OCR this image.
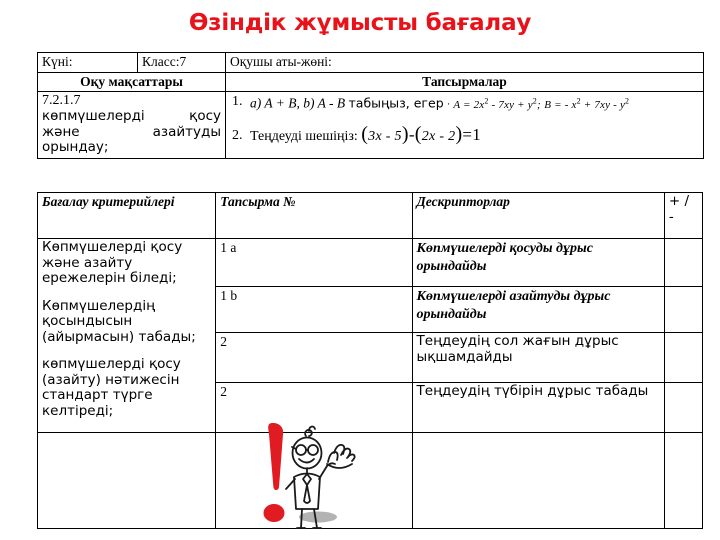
Өзіндік жұмысты бағалау
Күні:	Класс:7	Оқушы аты-жөні:
Оқу мақсаттары		Тапсырмалар

7.2.1.7
көпмүшелерді қосу және азайтуды орындау;		1. a) A + B, b) A - B табыңыз, егер · $A = 2x^2 - 7xy + y^2$; B = - $x^2 + 7xy - y^2$
2. Теңдеуді шешіңіз: (3x - 5)-(2x - 2)=1
Бағалау критерийлері	Тапсырма №	Дескрипторлар	+ / -

Көпмүшелерді қосу және азайту ережелерін біледі;

Көпмүшелердің қосындысын (айырмасын) табады;

көпмүшелерді қосу (азайту) нәтижесін стандарт түрге келтіреді;	1 a	Көпмүшелерді қосуды дұрыс орындайды	
	1 b	Көпмүшелерді азайтуды дұрыс орындайды	
	2	Теңдеудің сол жағын дұрыс ықшамдайды	
	2	Теңдеудің түбірін дұрыс табады	
